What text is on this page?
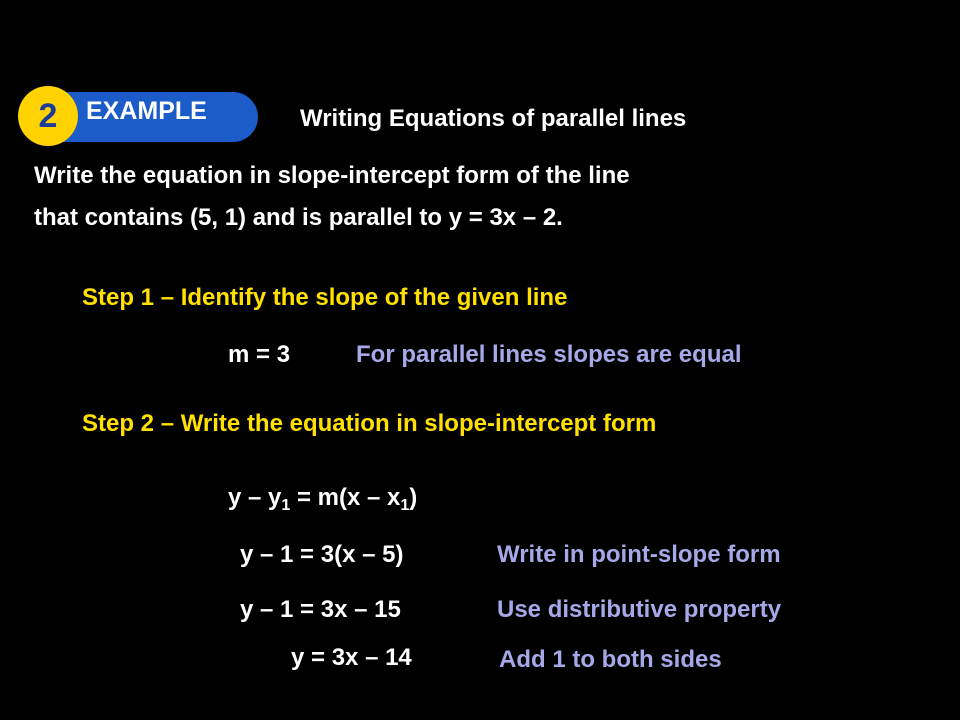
2 EXAMPLE	Writing Equations of parallel lines
Write the equation in slope-intercept form of the line
that contains (5, 1) and is parallel to y = 3x – 2.
Step 1 – Identify the slope of the given line
m = 3	For parallel lines slopes are equal
Step 2 – Write the equation in slope-intercept form
$y - y_1 = m(x - x_1)$
y – 1 = 3(x – 5)	Write in point-slope form
y – 1 = 3x – 15	Use distributive property
y = 3x – 14	Add 1 to both sides
